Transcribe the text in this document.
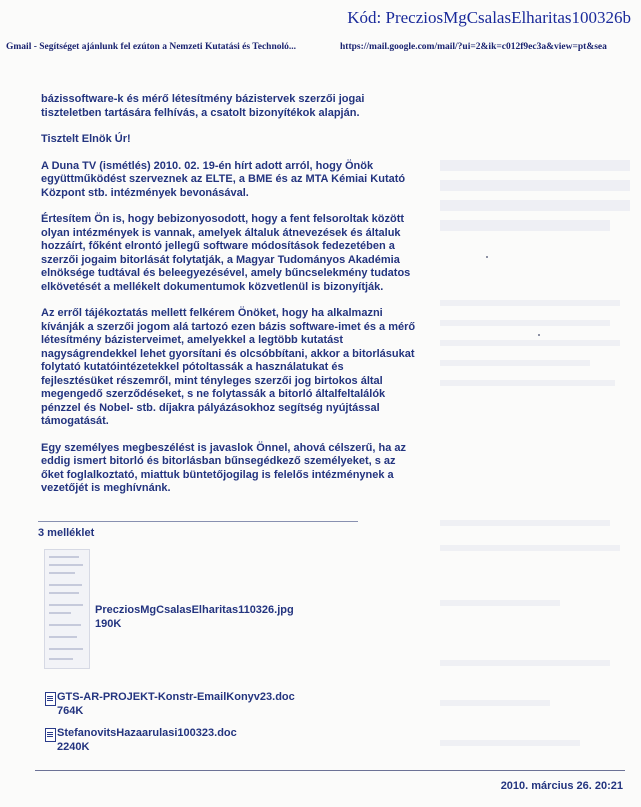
Kód: PrecziosMgCsalasElharitas100326b
Gmail - Segítséget ajánlunk fel ezúton a Nemzeti Kutatási és Technoló...	https://mail.google.com/mail/?ui=2&ik=c012f9ec3a&view=pt&sea

bázissoftware-k és mérő létesítmény bázistervek szerzői jogai tiszteletben tartására felhívás, a csatolt bizonyítékok alapján.

Tisztelt Elnök Úr!

A Duna TV (ismétlés) 2010. 02. 19-én hírt adott arról, hogy Önök együttműködést szerveznek az ELTE, a BME és az MTA Kémiai Kutató Központ stb. intézmények bevonásával.

Értesítem Ön is, hogy bebizonyosodott, hogy a fent felsoroltak között olyan intézmények is vannak, amelyek általuk átnevezések és általuk hozzáírt, főként elrontó jellegű software módosítások fedezetében a szerzői jogaim bitorlását folytatják, a Magyar Tudományos Akadémia elnöksége tudtával és beleegyezésével, amely bűncselekmény tudatos elkövetését a mellékelt dokumentumok közvetlenül is bizonyítják.

Az erről tájékoztatás mellett felkérem Önöket, hogy ha alkalmazni kívánják a szerzői jogom alá tartozó ezen bázis software-imet és a mérő létesítmény bázisterveimet, amelyekkel a legtöbb kutatást nagyságrendekkel lehet gyorsítani és olcsóbbítani, akkor a bitorlásukat folytató kutatóintézetekkel pótoltassák a használatukat és fejlesztésüket részemről, mint tényleges szerzői jog birtokos által megengedő szerződéseket, s ne folytassák a bitorló általfeltalálók pénzzel és Nobel- stb. díjakra pályázásokhoz segítség nyújtással támogatását.

Egy személyes megbeszélést is javaslok Önnel, ahová célszerű, ha az eddig ismert bitorló és bitorlásban bűnsegédkező személyeket, s az őket foglalkoztató, miattuk büntetőjogilag is felelős intézménynek a vezetőjét is meghívnánk.

3 melléklet
PrecziosMgCsalasElharitas110326.jpg
190K
GTS-AR-PROJEKT-Konstr-EmailKonyv23.doc
764K
StefanovitsHazaarulasi100323.doc
2240K
2010. március 26. 20:21
